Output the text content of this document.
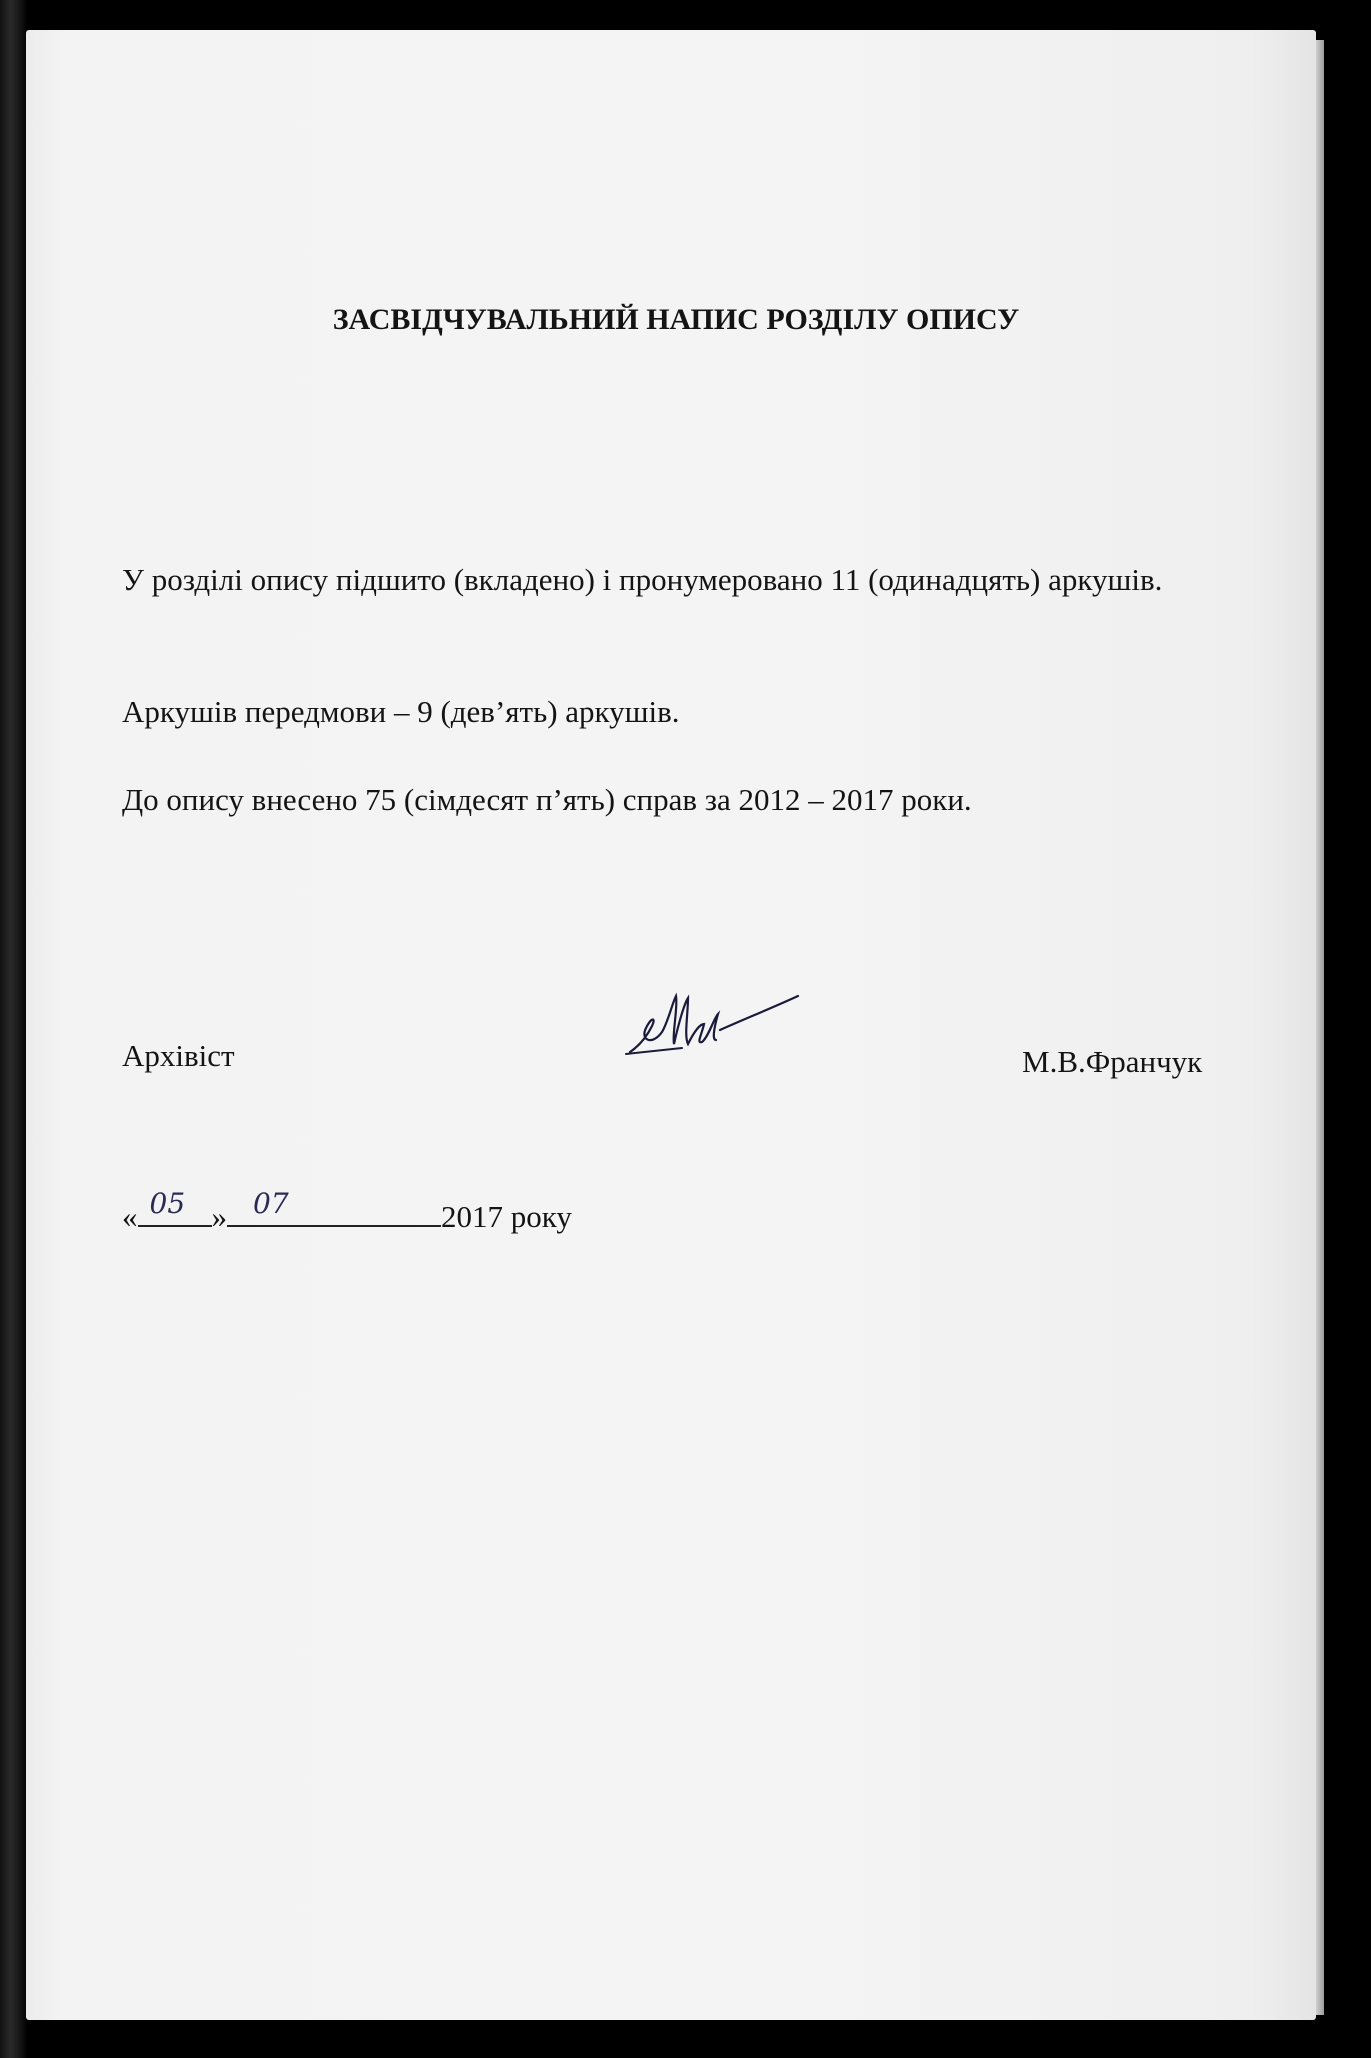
ЗАСВІДЧУВАЛЬНИЙ НАПИС РОЗДІЛУ ОПИСУ

У розділі опису підшито (вкладено) і пронумеровано 11 (одинадцять) аркушів.

Аркушів передмови – 9 (дев’ять) аркушів.

До опису внесено 75 (сімдесят п’ять) справ за 2012 – 2017 роки.

Архівіст	М.В.Франчук

« 05 » 07	2017 року
